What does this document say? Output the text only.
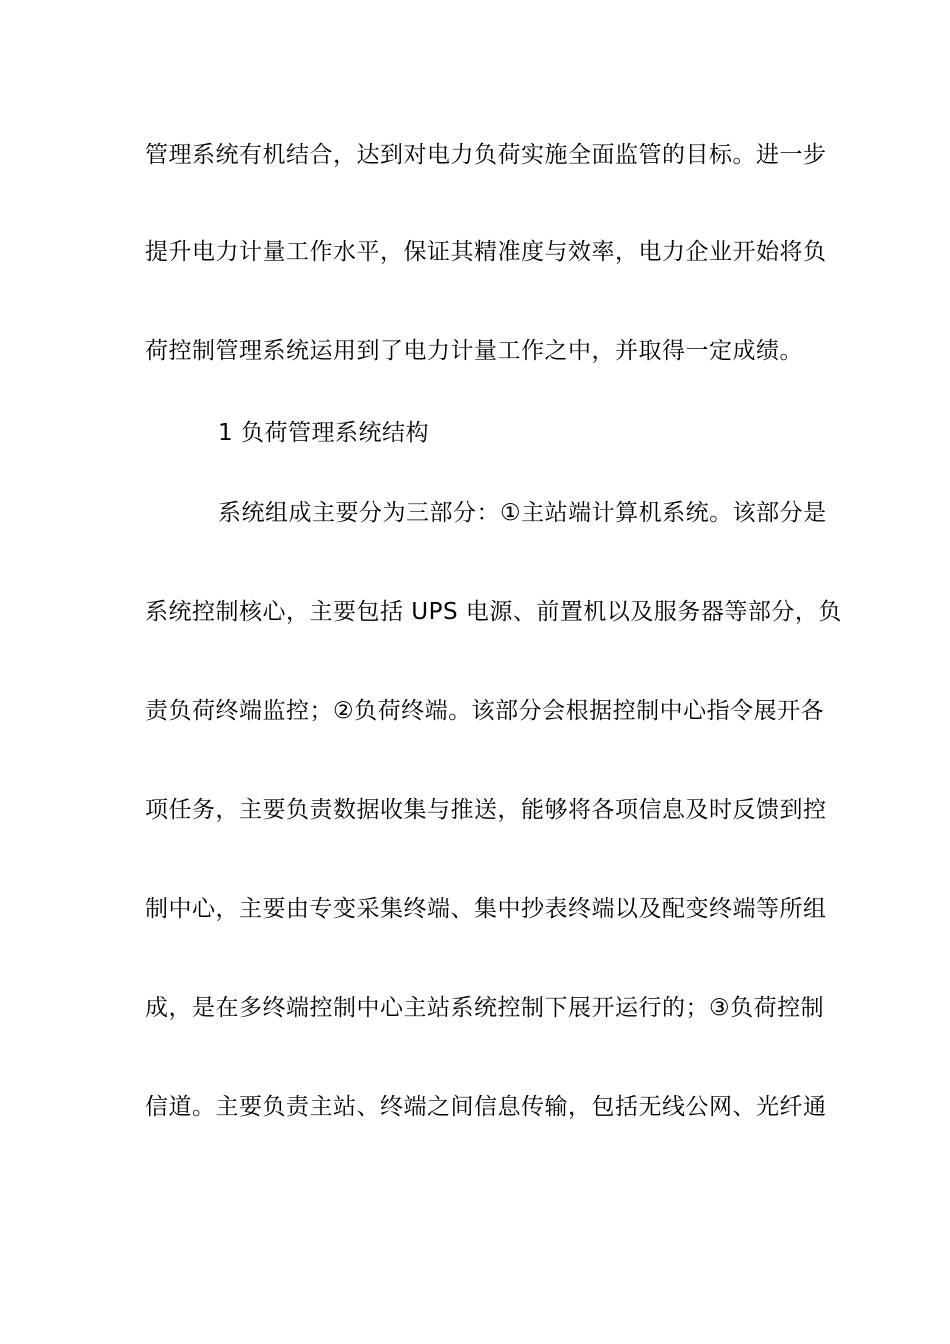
管理系统有机结合，达到对电力负荷实施全面监管的目标。进一步
提升电力计量工作水平，保证其精准度与效率，电力企业开始将负
荷控制管理系统运用到了电力计量工作之中，并取得一定成绩。
1 负荷管理系统结构
系统组成主要分为三部分：①主站端计算机系统。该部分是
系统控制核心，主要包括 UPS 电源、前置机以及服务器等部分，负
责负荷终端监控；②负荷终端。该部分会根据控制中心指令展开各
项任务，主要负责数据收集与推送，能够将各项信息及时反馈到控
制中心，主要由专变采集终端、集中抄表终端以及配变终端等所组
成，是在多终端控制中心主站系统控制下展开运行的；③负荷控制
信道。主要负责主站、终端之间信息传输，包括无线公网、光纤通
